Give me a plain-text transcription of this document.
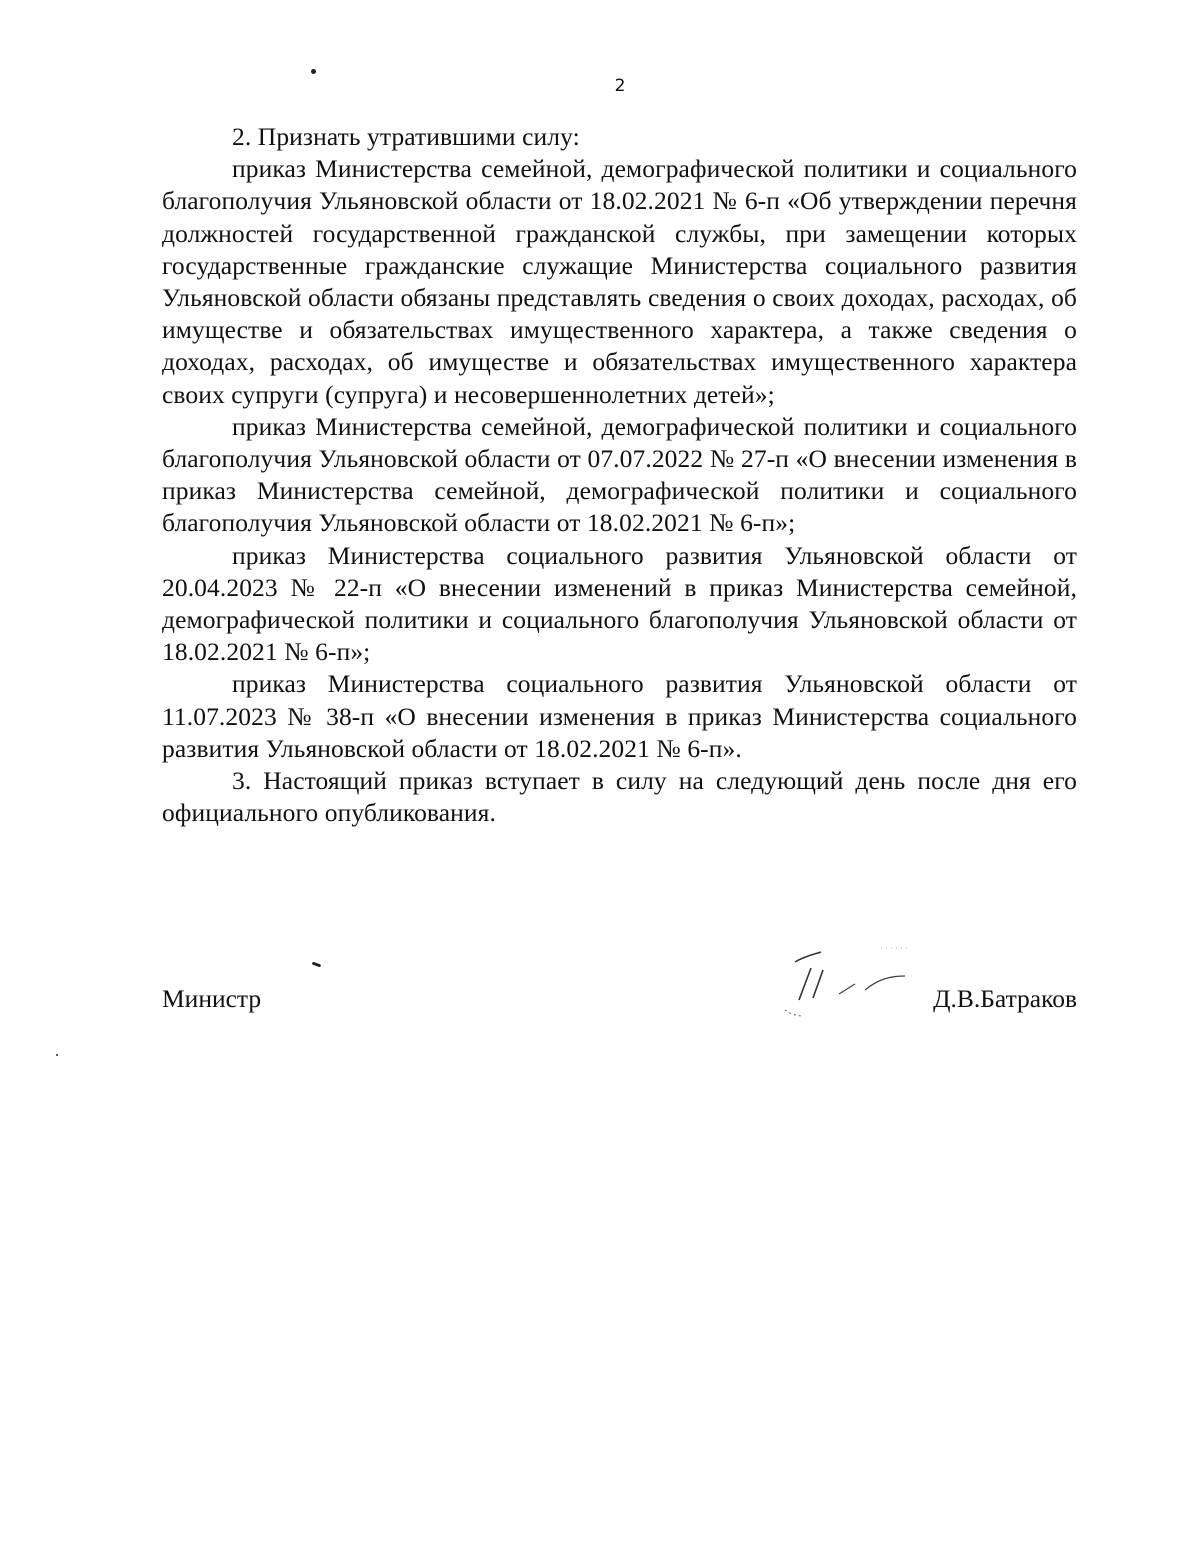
2

2. Признать утратившими силу:

приказ Министерства семейной, демографической политики и социального благополучия Ульяновской области от 18.02.2021 № 6-п «Об утверждении перечня должностей государственной гражданской службы, при замещении которых государственные гражданские служащие Министерства социального развития Ульяновской области обязаны представлять сведения о своих доходах, расходах, об имуществе и обязательствах имущественного характера, а также сведения о доходах, расходах, об имуществе и обязательствах имущественного характера своих супруги (супруга) и несовершеннолетних детей»;

приказ Министерства семейной, демографической политики и социального благополучия Ульяновской области от 07.07.2022 № 27-п «О внесении изменения в приказ Министерства семейной, демографической политики и социального благополучия Ульяновской области от 18.02.2021 № 6-п»;

приказ Министерства социального развития Ульяновской области от 20.04.2023 № 22-п «О внесении изменений в приказ Министерства семейной, демографической политики и социального благополучия Ульяновской области от 18.02.2021 № 6-п»;

приказ Министерства социального развития Ульяновской области от 11.07.2023 № 38-п «О внесении изменения в приказ Министерства социального развития Ульяновской области от 18.02.2021 № 6-п».

3. Настоящий приказ вступает в силу на следующий день после дня его официального опубликования.

Министр	Д.В.Батраков
